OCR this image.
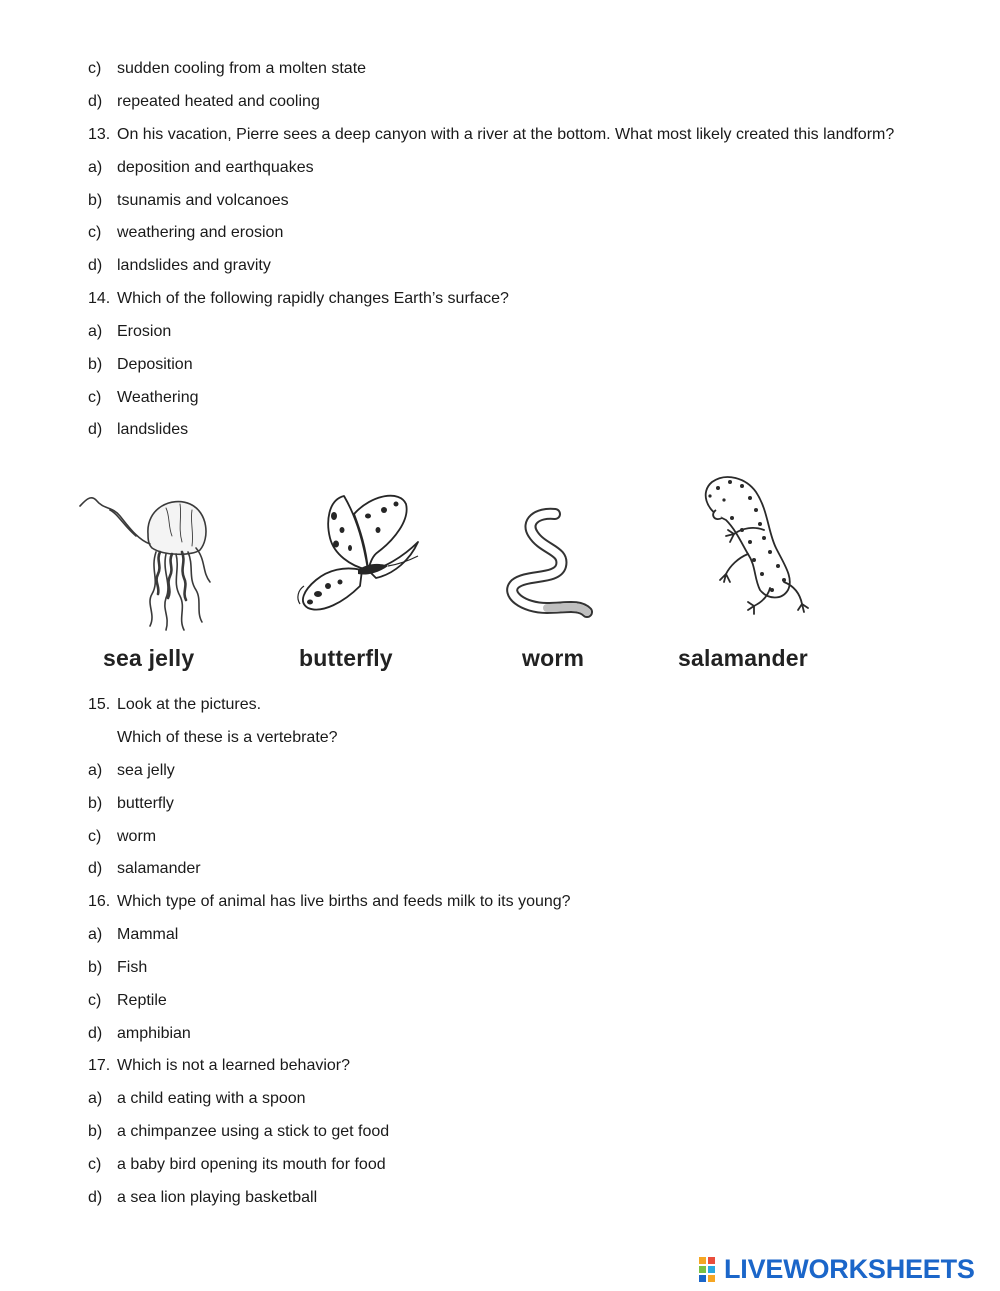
c) sudden cooling from a molten state
d) repeated heated and cooling
13. On his vacation, Pierre sees a deep canyon with a river at the bottom. What most likely created this landform?
a) deposition and earthquakes
b) tsunamis and volcanoes
c) weathering and erosion
d) landslides and gravity
14. Which of the following rapidly changes Earth’s surface?
a) Erosion
b) Deposition
c) Weathering
d) landslides
sea jelly	butterfly	worm	salamander
15. Look at the pictures.
Which of these is a vertebrate?
a) sea jelly
b) butterfly
c) worm
d) salamander
16. Which type of animal has live births and feeds milk to its young?
a) Mammal
b) Fish
c) Reptile
d) amphibian
17. Which is not a learned behavior?
a) a child eating with a spoon
b) a chimpanzee using a stick to get food
c) a baby bird opening its mouth for food
d) a sea lion playing basketball
LIVEWORKSHEETS
